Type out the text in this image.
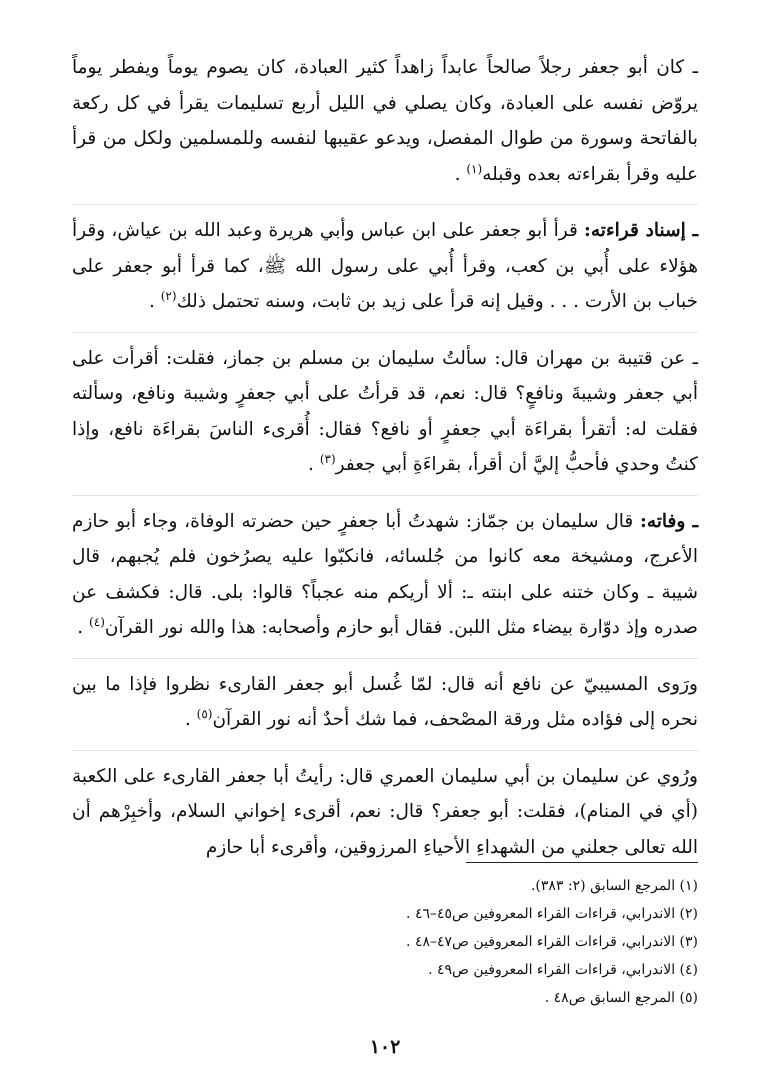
ـ كان أبو جعفر رجلاً صالحاً عابداً زاهداً كثير العبادة، كان يصوم يوماً ويفطر يوماً يروّض نفسه على العبادة، وكان يصلي في الليل أربع تسليمات يقرأ في كل ركعة بالفاتحة وسورة من طوال المفصل، ويدعو عقيبها لنفسه وللمسلمين ولكل من قرأ عليه وقرأ بقراءته بعده وقبله$^{(١)}$ .

ـ إسناد قراءته: قرأ أبو جعفر على ابن عباس وأبي هريرة وعبد الله بن عياش، وقرأ هؤلاء على أُبي بن كعب، وقرأ أُبي على رسول الله ﷺ، كما قرأ أبو جعفر على خباب بن الأرت . . . وقيل إنه قرأ على زيد بن ثابت، وسنه تحتمل ذلك$^{(٢)}$ .

ـ عن قتيبة بن مهران قال: سألتُ سليمان بن مسلم بن جماز، فقلت: أقرأت على أبي جعفر وشيبةَ ونافعٍ؟ قال: نعم، قد قرأتُ على أبي جعفرٍ وشيبة ونافع، وسألته فقلت له: أتقرأ بقراءَة أبي جعفرٍ أو نافع؟ فقال: أُقرىء الناسَ بقراءَة نافع، وإذا كنتُ وحدي فأحبُّ إليَّ أن أقرأ، بقراءَةِ أبي جعفر$^{(٣)}$ .

ـ وفاته: قال سليمان بن جمّاز: شهدتُ أبا جعفرٍ حين حضرته الوفاة، وجاء أبو حازم الأعرج، ومشيخة معه كانوا من جُلسائه، فانكبّوا عليه يصرُخون فلم يُجبهم، قال شيبة ـ وكان ختنه على ابنته ـ: ألا أريكم منه عجباً؟ قالوا: بلى. قال: فكشف عن صدره وإذ دوّارة بيضاء مثل اللبن. فقال أبو حازم وأصحابه: هذا والله نور القرآن$^{(٤)}$ .

ورَوى المسيبيّ عن نافع أنه قال: لمّا غُسل أبو جعفر القارىء نظروا فإذا ما بين نحره إلى فؤاده مثل ورقة المصْحف، فما شك أحدٌ أنه نور القرآن$^{(٥)}$ .

ورُوي عن سليمان بن أبي سليمان العمري قال: رأيتُ أبا جعفر القارىء على الكعبة (أي في المنام)، فقلت: أبو جعفر؟ قال: نعم، أقرىء إخواني السلام، وأخبِرْهم أن الله تعالى جعلني من الشهداءِ الأحياءِ المرزوقين، وأقرىء أبا حازم

(١) المرجع السابق (٢: ٣٨٣).

(٢) الاندرابي، قراءات القراء المعروفين ص٤٥–٤٦ .

(٣) الاندرابي، قراءات القراء المعروفين ص٤٧–٤٨ .

(٤) الاندرابي، قراءات القراء المعروفين ص٤٩ .

(٥) المرجع السابق ص٤٨ .

١٠٢
